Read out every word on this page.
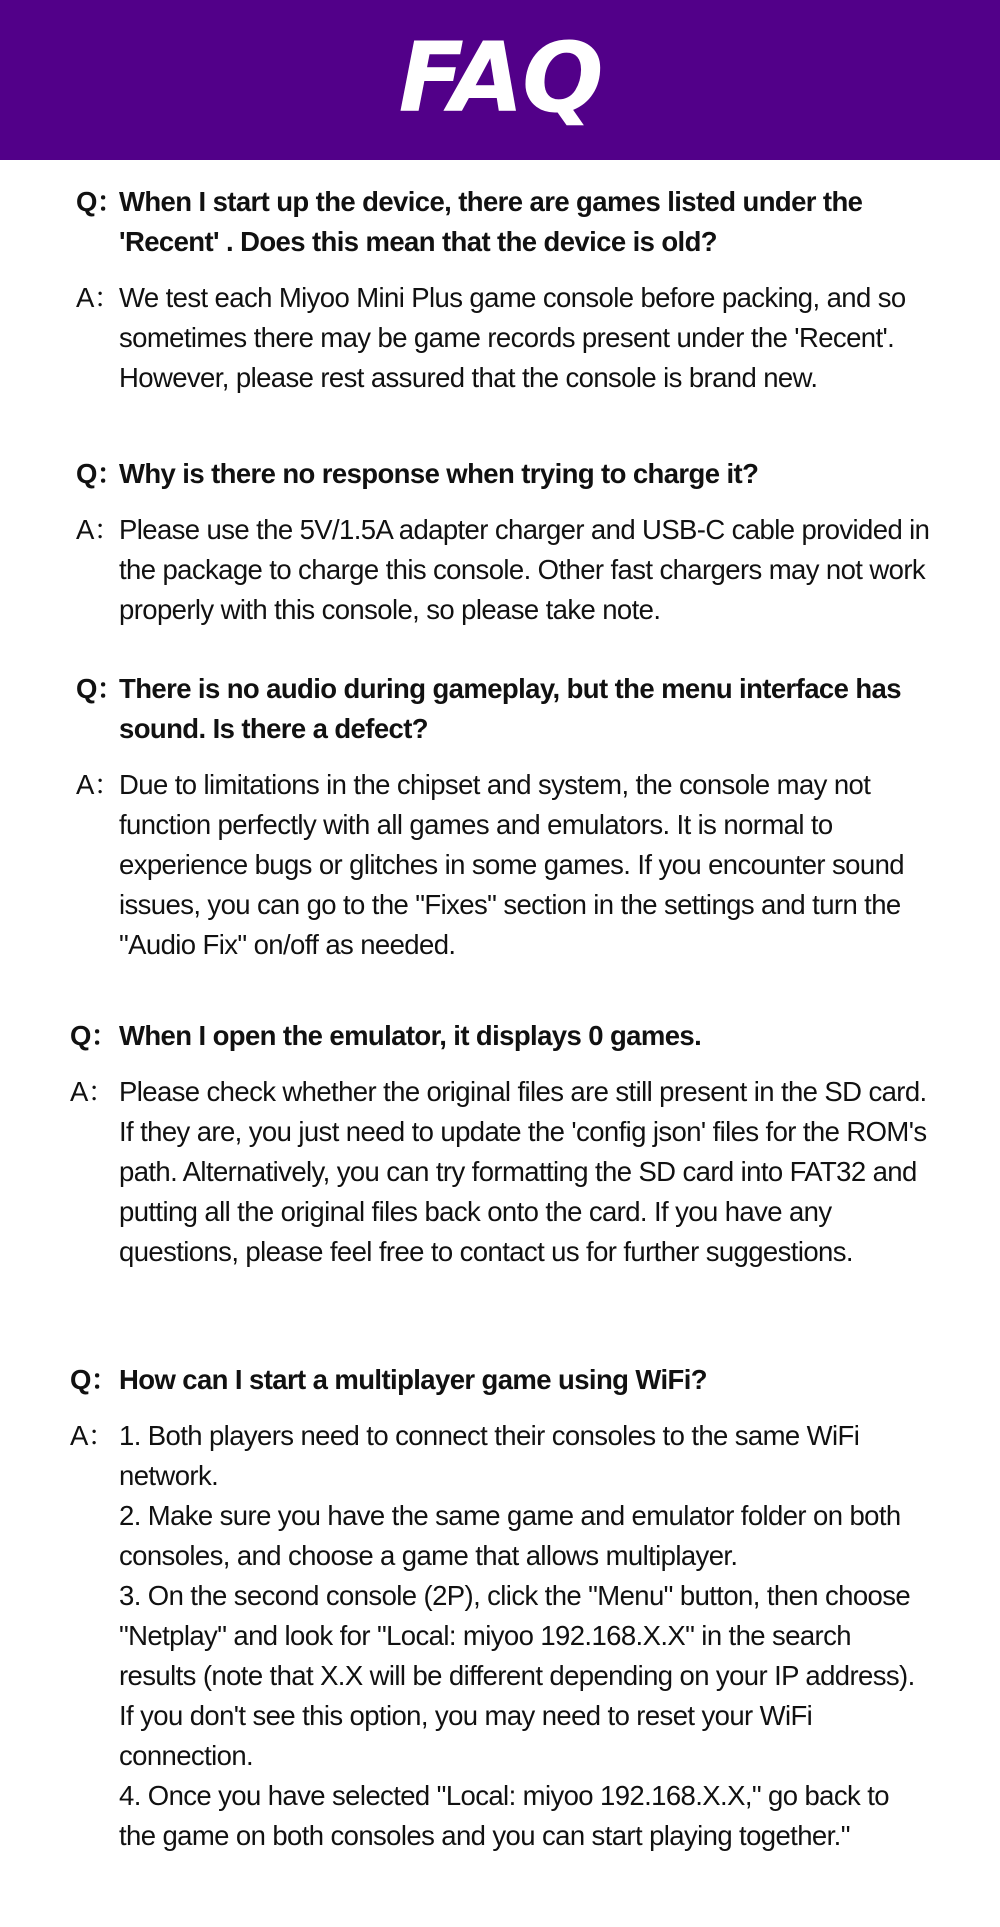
FAQ
Q：
When I start up the device, there are games listed under the 'Recent' . Does this mean that the device is old?
A：
We test each Miyoo Mini Plus game console before packing, and so sometimes there may be game records present under the 'Recent'. However, please rest assured that the console is brand new.
Q：
Why is there no response when trying to charge it?
A：
Please use the 5V/1.5A adapter charger and USB-C cable provided in the package to charge this console. Other fast chargers may not work properly with this console, so please take note.
Q：
There is no audio during gameplay, but the menu interface has sound. Is there a defect?
A：
Due to limitations in the chipset and system, the console may not function perfectly with all games and emulators. It is normal to experience bugs or glitches in some games. If you encounter sound issues, you can go to the "Fixes" section in the settings and turn the "Audio Fix" on/off as needed.
Q： When I open the emulator, it displays 0 games.
A： Please check whether the original files are still present in the SD card. If they are, you just need to update the 'config json' files for the ROM's path. Alternatively, you can try formatting the SD card into FAT32 and putting all the original files back onto the card. If you have any questions, please feel free to contact us for further suggestions.
Q： How can I start a multiplayer game using WiFi?
A： 1. Both players need to connect their consoles to the same WiFi network.
2. Make sure you have the same game and emulator folder on both consoles, and choose a game that allows multiplayer.
3. On the second console (2P), click the "Menu" button, then choose "Netplay" and look for "Local: miyoo 192.168.X.X" in the search results (note that X.X will be different depending on your IP address). If you don't see this option, you may need to reset your WiFi connection.
4. Once you have selected "Local: miyoo 192.168.X.X," go back to the game on both consoles and you can start playing together."
